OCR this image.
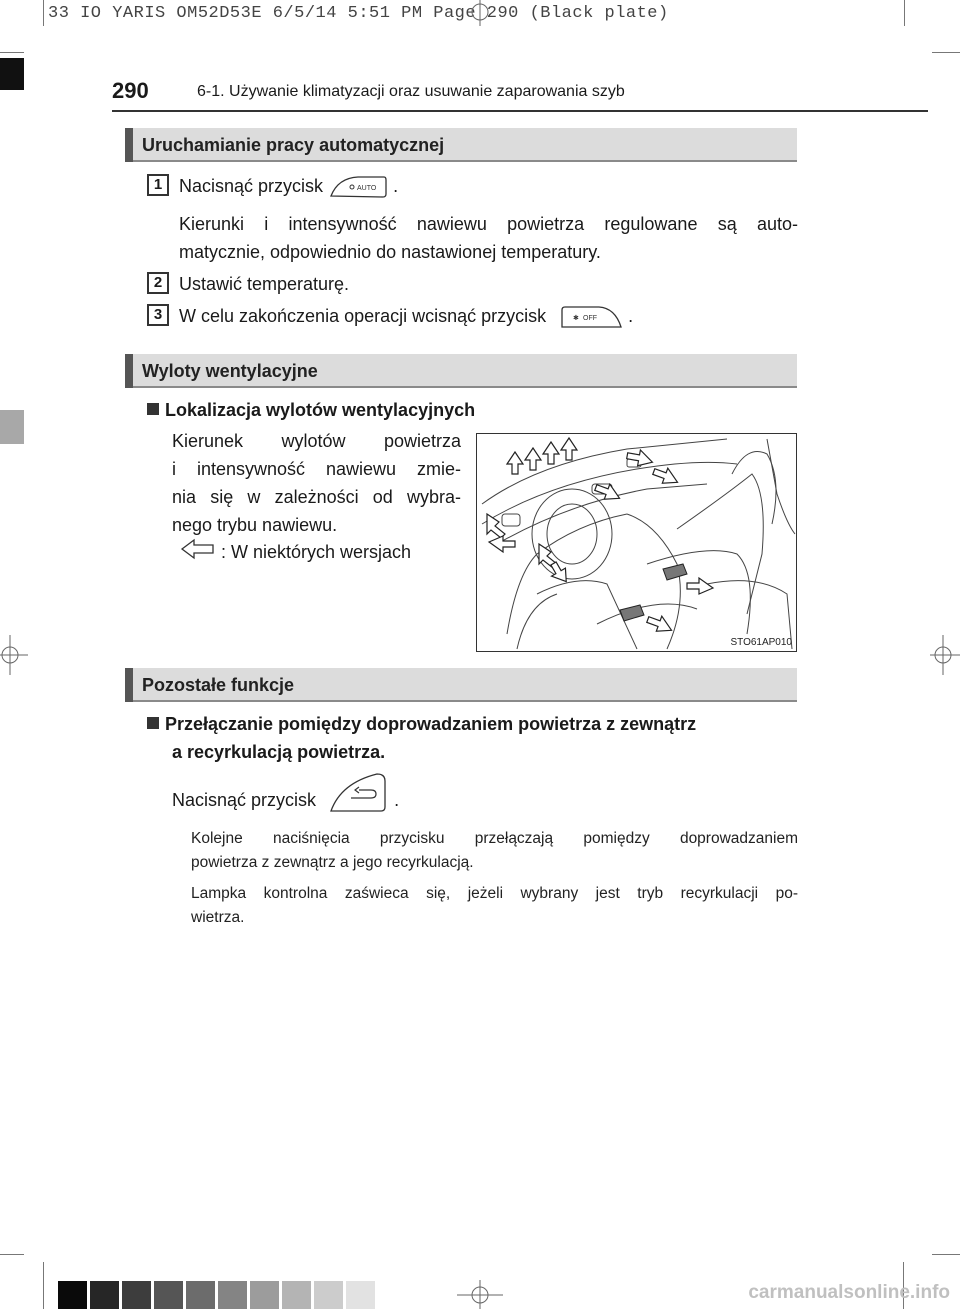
33 IO YARIS OM52D53E 6/5/14 5:51 PM Page 290 (Black plate)
290	6-1. Używanie klimatyzacji oraz usuwanie zaparowania szyb
Uruchamianie pracy automatycznej
1 Nacisnąć przycisk	AUTO .
Kierunki i intensywność nawiewu powietrza regulowane są auto-
matycznie, odpowiednio do nastawionej temperatury.
2 Ustawić temperaturę.
3 W celu zakończenia operacji wcisnąć przycisk	✱ OFF .
Wyloty wentylacyjne
Lokalizacja wylotów wentylacyjnych
Kierunek wylotów powietrza
i intensywność nawiewu zmie-
nia się w zależności od wybra-
nego trybu nawiewu.
: W niektórych wersjach
STO61AP010
Pozostałe funkcje
Przełączanie pomiędzy doprowadzaniem powietrza z zewnątrz
a recyrkulacją powietrza.
Nacisnąć przycisk	.
Kolejne naciśnięcia przycisku przełączają pomiędzy doprowadzaniem
powietrza z zewnątrz a jego recyrkulacją.
Lampka kontrolna zaświeca się, jeżeli wybrany jest tryb recyrkulacji po-
wietrza.
carmanualsonline.info
